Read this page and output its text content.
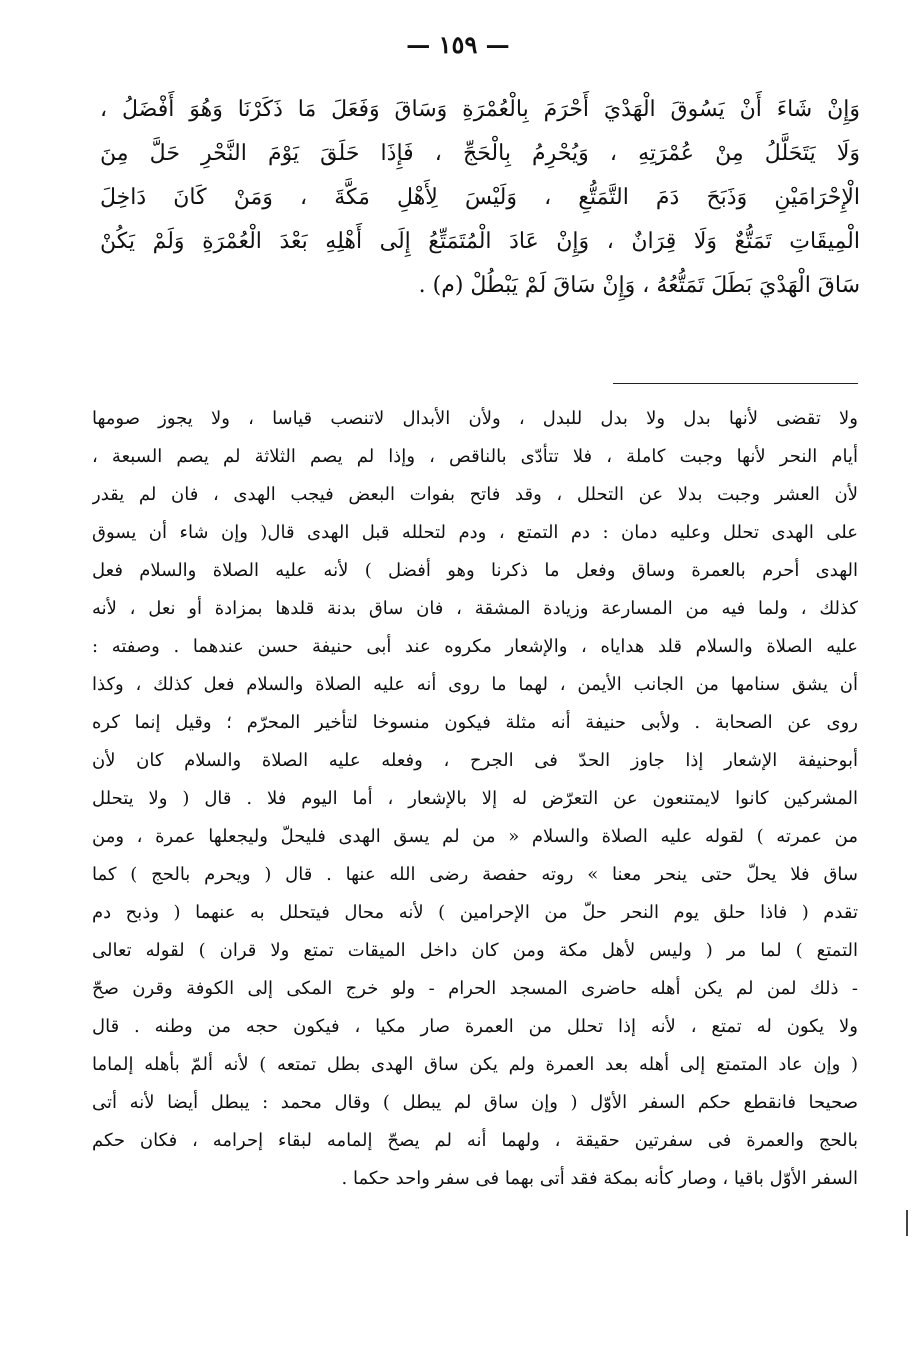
— ١٥٩ —
وَإِنْ شَاءَ أَنْ يَسُوقَ الْهَدْيَ أَحْرَمَ بِالْعُمْرَةِ وَسَاقَ وَفَعَلَ مَا ذَكَرْنَا وَهُوَ أَفْضَلُ ،
وَلَا يَتَحَلَّلُ مِنْ عُمْرَتِهِ ، وَيُحْرِمُ بِالْحَجِّ ، فَإِذَا حَلَقَ يَوْمَ النَّحْرِ حَلَّ مِنَ
الْإِحْرَامَيْنِ وَذَبَحَ دَمَ التَّمَتُّعِ ، وَلَيْسَ لِأَهْلِ مَكَّةَ ، وَمَنْ كَانَ دَاخِلَ
الْمِيقَاتِ تَمَتُّعٌ وَلَا قِرَانٌ ، وَإِنْ عَادَ الْمُتَمَتِّعُ إِلَى أَهْلِهِ بَعْدَ الْعُمْرَةِ وَلَمْ يَكُنْ
سَاقَ الْهَدْيَ بَطَلَ تَمَتُّعُهُ ، وَإِنْ سَاقَ لَمْ يَبْطُلْ (م) .
ولا تقضى لأنها بدل ولا بدل للبدل ، ولأن الأبدال لاتنصب قياسا ، ولا يجوز صومها
أيام النحر لأنها وجبت كاملة ، فلا تتأدّى بالناقص ، وإذا لم يصم الثلاثة لم يصم السبعة ،
لأن العشر وجبت بدلا عن التحلل ، وقد فاتح بفوات البعض فيجب الهدى ، فان لم يقدر
على الهدى تحلل وعليه دمان : دم التمتع ، ودم لتحلله قبل الهدى قال( وإن شاء أن يسوق
الهدى أحرم بالعمرة وساق وفعل ما ذكرنا وهو أفضل ) لأنه عليه الصلاة والسلام فعل
كذلك ، ولما فيه من المسارعة وزيادة المشقة ، فان ساق بدنة قلدها بمزادة أو نعل ، لأنه
عليه الصلاة والسلام قلد هداياه ، والإشعار مكروه عند أبى حنيفة حسن عندهما . وصفته :
أن يشق سنامها من الجانب الأيمن ، لهما ما روى أنه عليه الصلاة والسلام فعل كذلك ، وكذا
روى عن الصحابة . ولأبى حنيفة أنه مثلة فيكون منسوخا لتأخير المحرّم ؛ وقيل إنما كره
أبوحنيفة الإشعار إذا جاوز الحدّ فى الجرح ، وفعله عليه الصلاة والسلام كان لأن
المشركين كانوا لايمتنعون عن التعرّض له إلا بالإشعار ، أما اليوم فلا . قال ( ولا يتحلل
من عمرته ) لقوله عليه الصلاة والسلام « من لم يسق الهدى فليحلّ وليجعلها عمرة ، ومن
ساق فلا يحلّ حتى ينحر معنا » روته حفصة رضى الله عنها . قال ( ويحرم بالحج ) كما
تقدم ( فاذا حلق يوم النحر حلّ من الإحرامين ) لأنه محال فيتحلل به عنهما ( وذبح دم
التمتع ) لما مر ( وليس لأهل مكة ومن كان داخل الميقات تمتع ولا قران ) لقوله تعالى
- ذلك لمن لم يكن أهله حاضرى المسجد الحرام - ولو خرج المكى إلى الكوفة وقرن صحّ
ولا يكون له تمتع ، لأنه إذا تحلل من العمرة صار مكيا ، فيكون حجه من وطنه . قال
( وإن عاد المتمتع إلى أهله بعد العمرة ولم يكن ساق الهدى بطل تمتعه ) لأنه ألمّ بأهله إلماما
صحيحا فانقطع حكم السفر الأوّل ( وإن ساق لم يبطل ) وقال محمد : يبطل أيضا لأنه أتى
بالحج والعمرة فى سفرتين حقيقة ، ولهما أنه لم يصحّ إلمامه لبقاء إحرامه ، فكان حكم
السفر الأوّل باقيا ، وصار كأنه بمكة فقد أتى بهما فى سفر واحد حكما .
